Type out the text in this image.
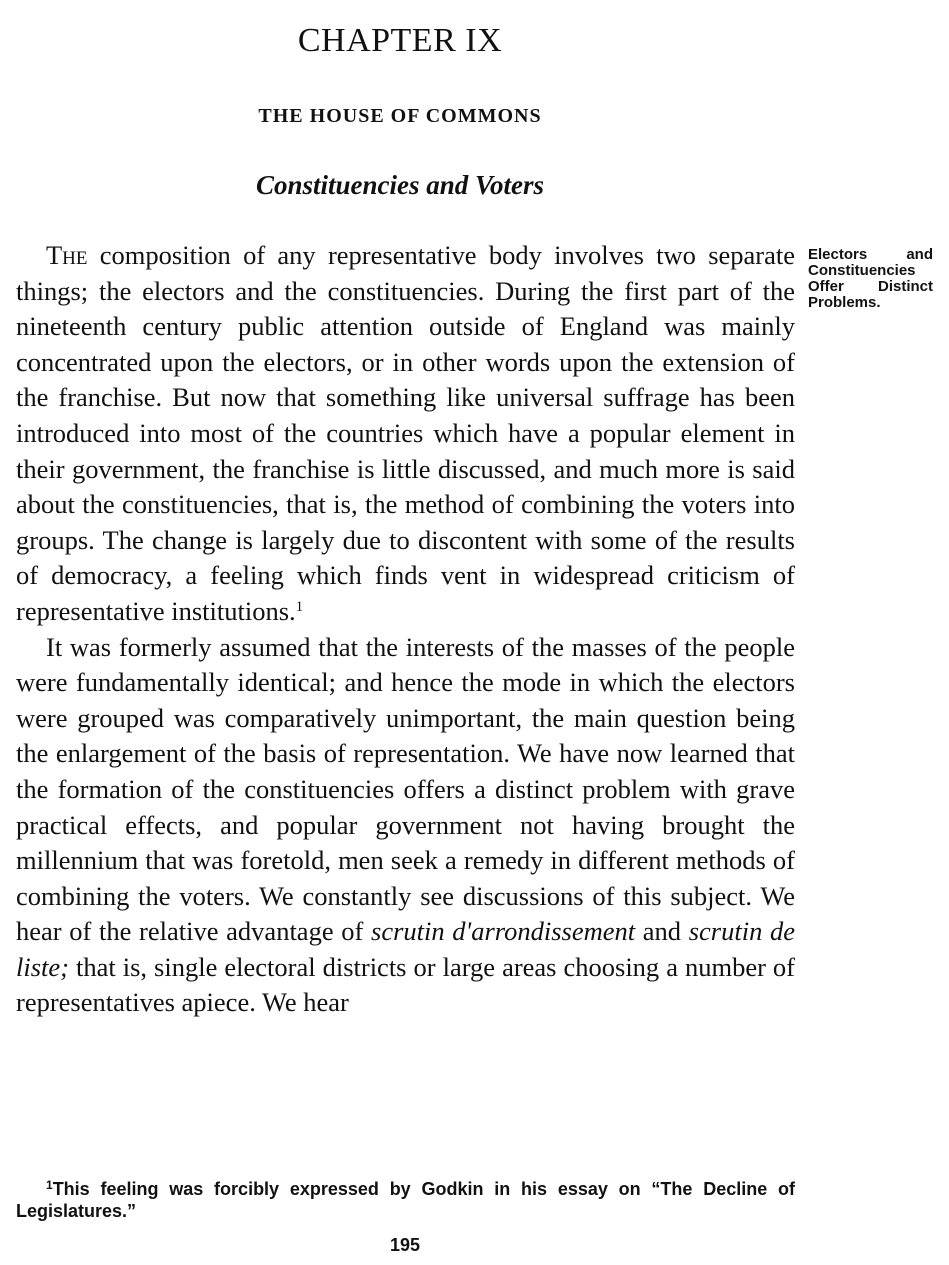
CHAPTER IX
THE HOUSE OF COMMONS
Constituencies and Voters

The composition of any representative body involves two separate things; the electors and the constituencies. During the first part of the nineteenth century public attention outside of England was mainly concentrated upon the electors, or in other words upon the extension of the franchise. But now that something like universal suffrage has been introduced into most of the countries which have a popular element in their government, the franchise is little discussed, and much more is said about the constituencies, that is, the method of combining the voters into groups. The change is largely due to discontent with some of the results of democracy, a feeling which finds vent in widespread criticism of representative institutions.$^1$

It was formerly assumed that the interests of the masses of the people were fundamentally identical; and hence the mode in which the electors were grouped was comparatively unimportant, the main question being the enlargement of the basis of representation. We have now learned that the formation of the constituencies offers a distinct problem with grave practical effects, and popular government not having brought the millennium that was foretold, men seek a remedy in different methods of combining the voters. We constantly see discussions of this subject. We hear of the relative advantage of scrutin d'arrondissement and scrutin de liste; that is, single electoral districts or large areas choosing a number of representatives apiece. We hear

Electors and Constituencies Offer Distinct Problems.
$^1$This feeling was forcibly expressed by Godkin in his essay on “The Decline of Legislatures.”
195
